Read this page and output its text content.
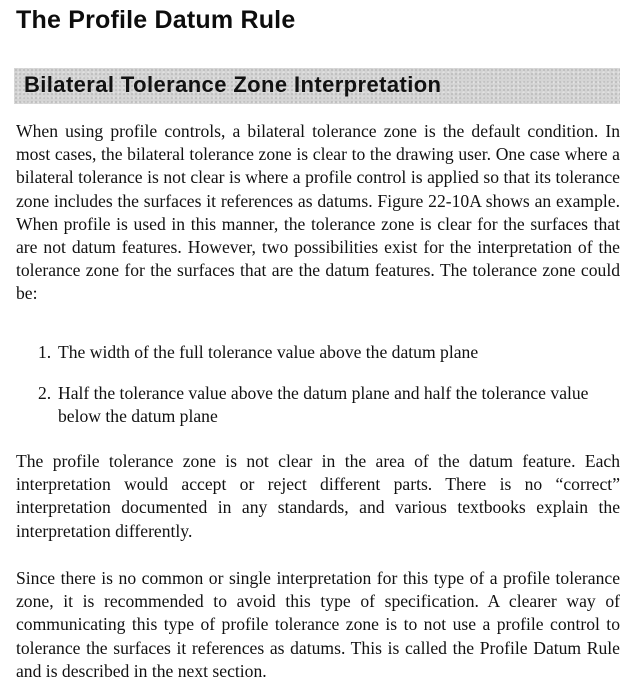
The Profile Datum Rule
Bilateral Tolerance Zone Interpretation

When using profile controls, a bilateral tolerance zone is the default condition. In most cases, the bilateral tolerance zone is clear to the drawing user. One case where a bilateral tolerance is not clear is where a profile control is applied so that its tolerance zone includes the surfaces it references as datums. Figure 22-10A shows an example. When profile is used in this manner, the tolerance zone is clear for the surfaces that are not datum features. However, two possibilities exist for the interpretation of the tolerance zone for the surfaces that are the datum features. The tolerance zone could be:

1. The width of the full tolerance value above the datum plane
2. Half the tolerance value above the datum plane and half the tolerance value below the datum plane

The profile tolerance zone is not clear in the area of the datum feature. Each interpretation would accept or reject different parts. There is no “correct” interpretation documented in any standards, and various textbooks explain the interpretation differently.

Since there is no common or single interpretation for this type of a profile tolerance zone, it is recommended to avoid this type of specification. A clearer way of communicating this type of profile tolerance zone is to not use a profile control to tolerance the surfaces it references as datums. This is called the Profile Datum Rule and is described in the next section.
